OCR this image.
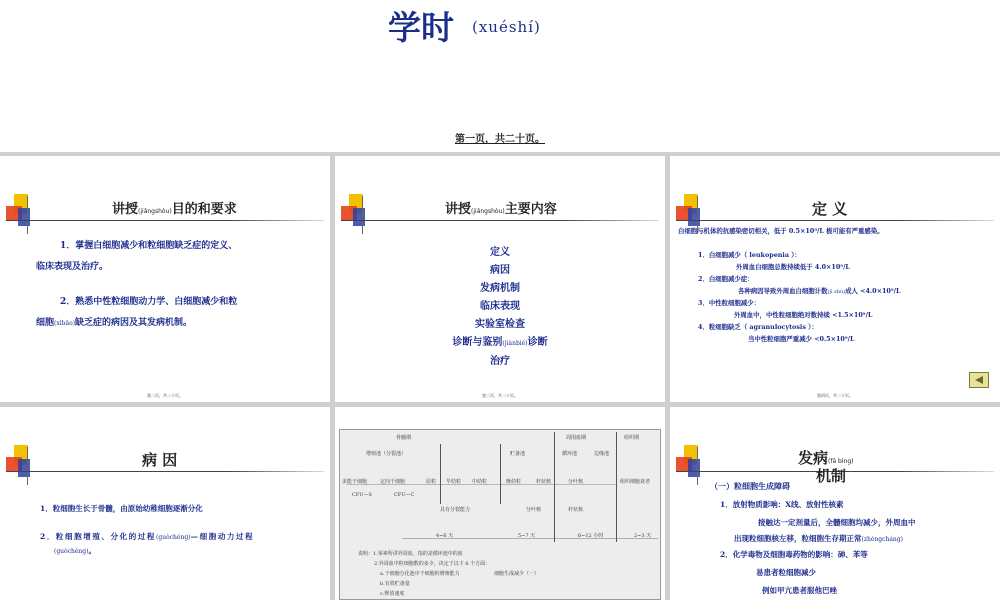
学时 (xuéshí)
第一页，共二十页。
讲授(jiǎngshòu)目的和要求
1．掌握白细胞减少和粒细胞缺乏症的定义、
临床表现及治疗。
2．熟悉中性粒细胞动力学、白细胞减少和粒
细胞(xìbāo)缺乏症的病因及其发病机制。
第二页，共二十页。
讲授(jiǎngshòu)主要内容
定义
病因
发病机制
临床表现
实验室检查
诊断与鉴别(jiànbié)诊断
治疗
第三页，共二十页。
定 义
白细胞与机体的抗感染密切相关，低于 0.5×10⁹/L 极可能有严重感染。
1．白细胞减少（ leukopenia ）：
外周血白细胞总数持续低于 4.0×10⁹/L
2．白细胞减少症：
各种病因导致外周血白细胞计数(jì shù)成人 <4.0×10⁹/L
3．中性粒细胞减少：
外周血中，中性粒细胞绝对数持续 <1.5×10⁹/L
4．粒细胞缺乏（ agranulocytosis ）：
当中性粒细胞严重减少 <0.5×10⁹/L
第四页，共二十页。
病 因
1．粒细胞生长于骨髓，由原始幼稚细胞逐渐分化
2．粒细胞增殖、分化的过程(guòchéng)—细胞动力过程
(guòchéng)。
骨髓期	周围血期	组织期
增殖池（分裂池）	贮备池	循环池	边缘池
多能干细胞	定向干细胞	原粒 早幼粒 中幼粒	晚幼粒	杆状核	分叶核	组织细胞衰老
CFU—S	CFU—C
具有分裂能力	分叶核	杆状核
4~6 天	5~7 天	6~12 小时	2~3 天
说明：1.零素所讲外周血，指的是循环池中的血
2.外周血中粒细胞数的多少，决定于以下 6 个方面：
a.干细胞分化池中干细胞的增殖能力	细胞生成减少（一）
b.有效贮备量
c.释放速度
发病(fā bìng)
机制
（一）粒细胞生成障碍
1．放射物质影响：X线、放射性核素
接触达一定剂量后，全髓细胞均减少，外周血中
出现粒细胞核左移，粒细胞生存期正常(zhèngcháng)
2．化学毒物及细胞毒药物的影响：砷、苯等
易患者粒细胞减少
例如甲亢患者服他巴唑
